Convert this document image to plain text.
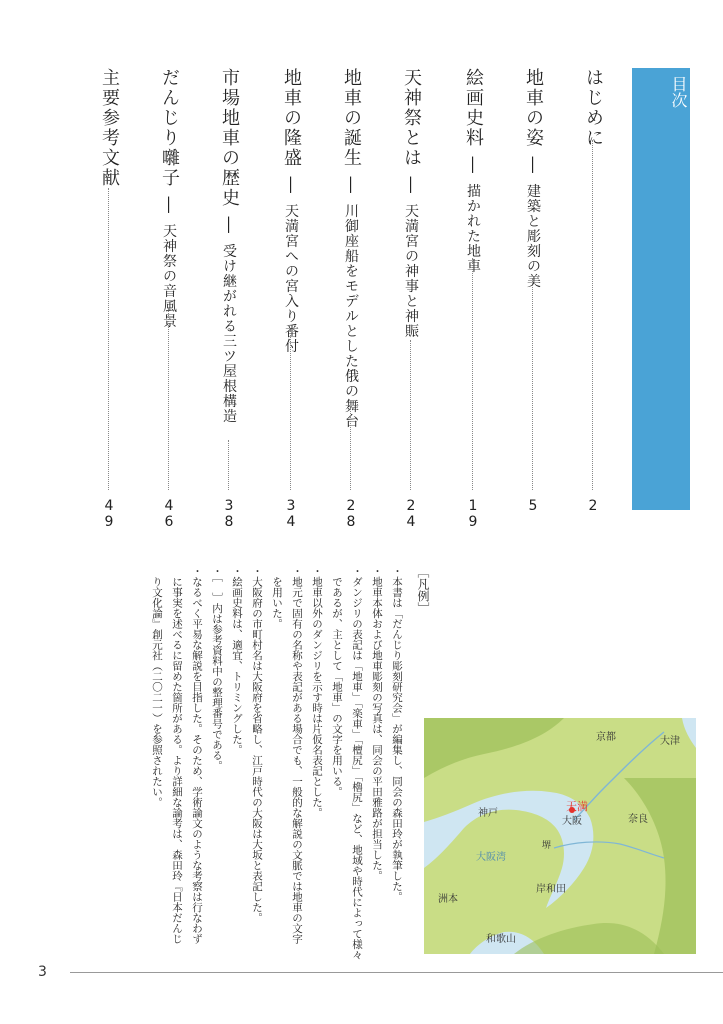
目次
はじめに
2
地車の姿 — 建築と彫刻の美
5
絵画史料 — 描かれた地車
19
天神祭とは — 天満宮の神事と神賑
24
地車の誕生 — 川御座船をモデルとした俄の舞台
28
地車の隆盛 — 天満宮への宮入り番付
34
市場地車の歴史 — 受け継がれる三ツ屋根構造
38
だんじり囃子 — 天神祭の音風景
46
主要参考文献
49

［凡例］

・本書は「だんじり彫刻研究会」が編集し、同会の森田玲が執筆した。

・地車本体および地車彫刻の写真は、同会の平田雅路が担当した。

・ダンジリの表記は「地車」「楽車」「檀尻」「櫓尻」など、地域や時代によって様々

　であるが、主として「地車」の文字を用いる。

・地車以外のダンジリを示す時は片仮名表記とした。

・地元で固有の名称や表記がある場合でも、一般的な解説の文脈では地車の文字

　を用いた。

・大阪府の市町村名は大阪府を省略し、江戸時代の大阪は大坂と表記した。

・絵画史料は、適宜、トリミングした。

・［　］内は参考資料中の整理番号である。

・なるべく平易な解説を目指した。そのため、学術論文のような考察は行なわず

　に事実を述べるに留めた箇所がある。より詳細な論考は、森田玲『日本だんじ

　り文化論』創元社（二〇二一）を参照されたい。	京都	大津
天満
大阪
神戸
奈良
堺
大阪湾
岸和田
洲本
和歌山
3
